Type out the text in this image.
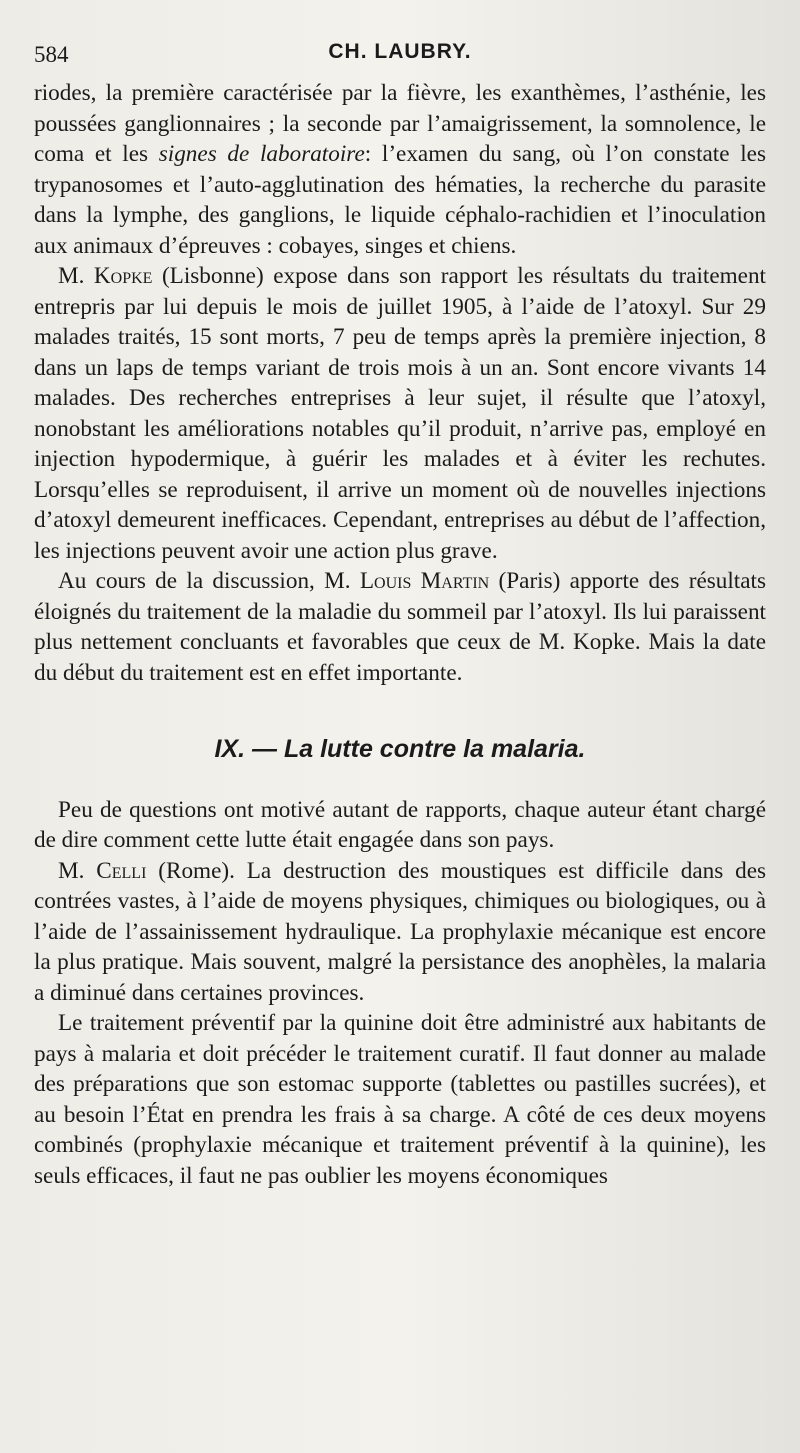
584	CH. LAUBRY.

riodes, la première caractérisée par la fièvre, les exanthèmes, l’asthénie, les poussées ganglionnaires ; la seconde par l’amaigrissement, la somnolence, le coma et les signes de laboratoire: l’examen du sang, où l’on constate les trypanosomes et l’auto-agglutination des hématies, la recherche du parasite dans la lymphe, des ganglions, le liquide céphalo-rachidien et l’inoculation aux animaux d’épreuves : cobayes, singes et chiens.

M. Kopke (Lisbonne) expose dans son rapport les résultats du traitement entrepris par lui depuis le mois de juillet 1905, à l’aide de l’atoxyl. Sur 29 malades traités, 15 sont morts, 7 peu de temps après la première injection, 8 dans un laps de temps variant de trois mois à un an. Sont encore vivants 14 malades. Des recherches entreprises à leur sujet, il résulte que l’atoxyl, nonobstant les améliorations notables qu’il produit, n’arrive pas, employé en injection hypodermique, à guérir les malades et à éviter les rechutes. Lorsqu’elles se reproduisent, il arrive un moment où de nouvelles injections d’atoxyl demeurent inefficaces. Cependant, entreprises au début de l’affection, les injections peuvent avoir une action plus grave.

Au cours de la discussion, M. Louis Martin (Paris) apporte des résultats éloignés du traitement de la maladie du sommeil par l’atoxyl. Ils lui paraissent plus nettement concluants et favorables que ceux de M. Kopke. Mais la date du début du traitement est en effet importante.

IX. — La lutte contre la malaria.

Peu de questions ont motivé autant de rapports, chaque auteur étant chargé de dire comment cette lutte était engagée dans son pays.

M. Celli (Rome). La destruction des moustiques est difficile dans des contrées vastes, à l’aide de moyens physiques, chimiques ou biologiques, ou à l’aide de l’assainissement hydraulique. La prophylaxie mécanique est encore la plus pratique. Mais souvent, malgré la persistance des anophèles, la malaria a diminué dans certaines provinces.

Le traitement préventif par la quinine doit être administré aux habitants de pays à malaria et doit précéder le traitement curatif. Il faut donner au malade des préparations que son estomac supporte (tablettes ou pastilles sucrées), et au besoin l’État en prendra les frais à sa charge. A côté de ces deux moyens combinés (prophylaxie mécanique et traitement préventif à la quinine), les seuls efficaces, il faut ne pas oublier les moyens économiques
